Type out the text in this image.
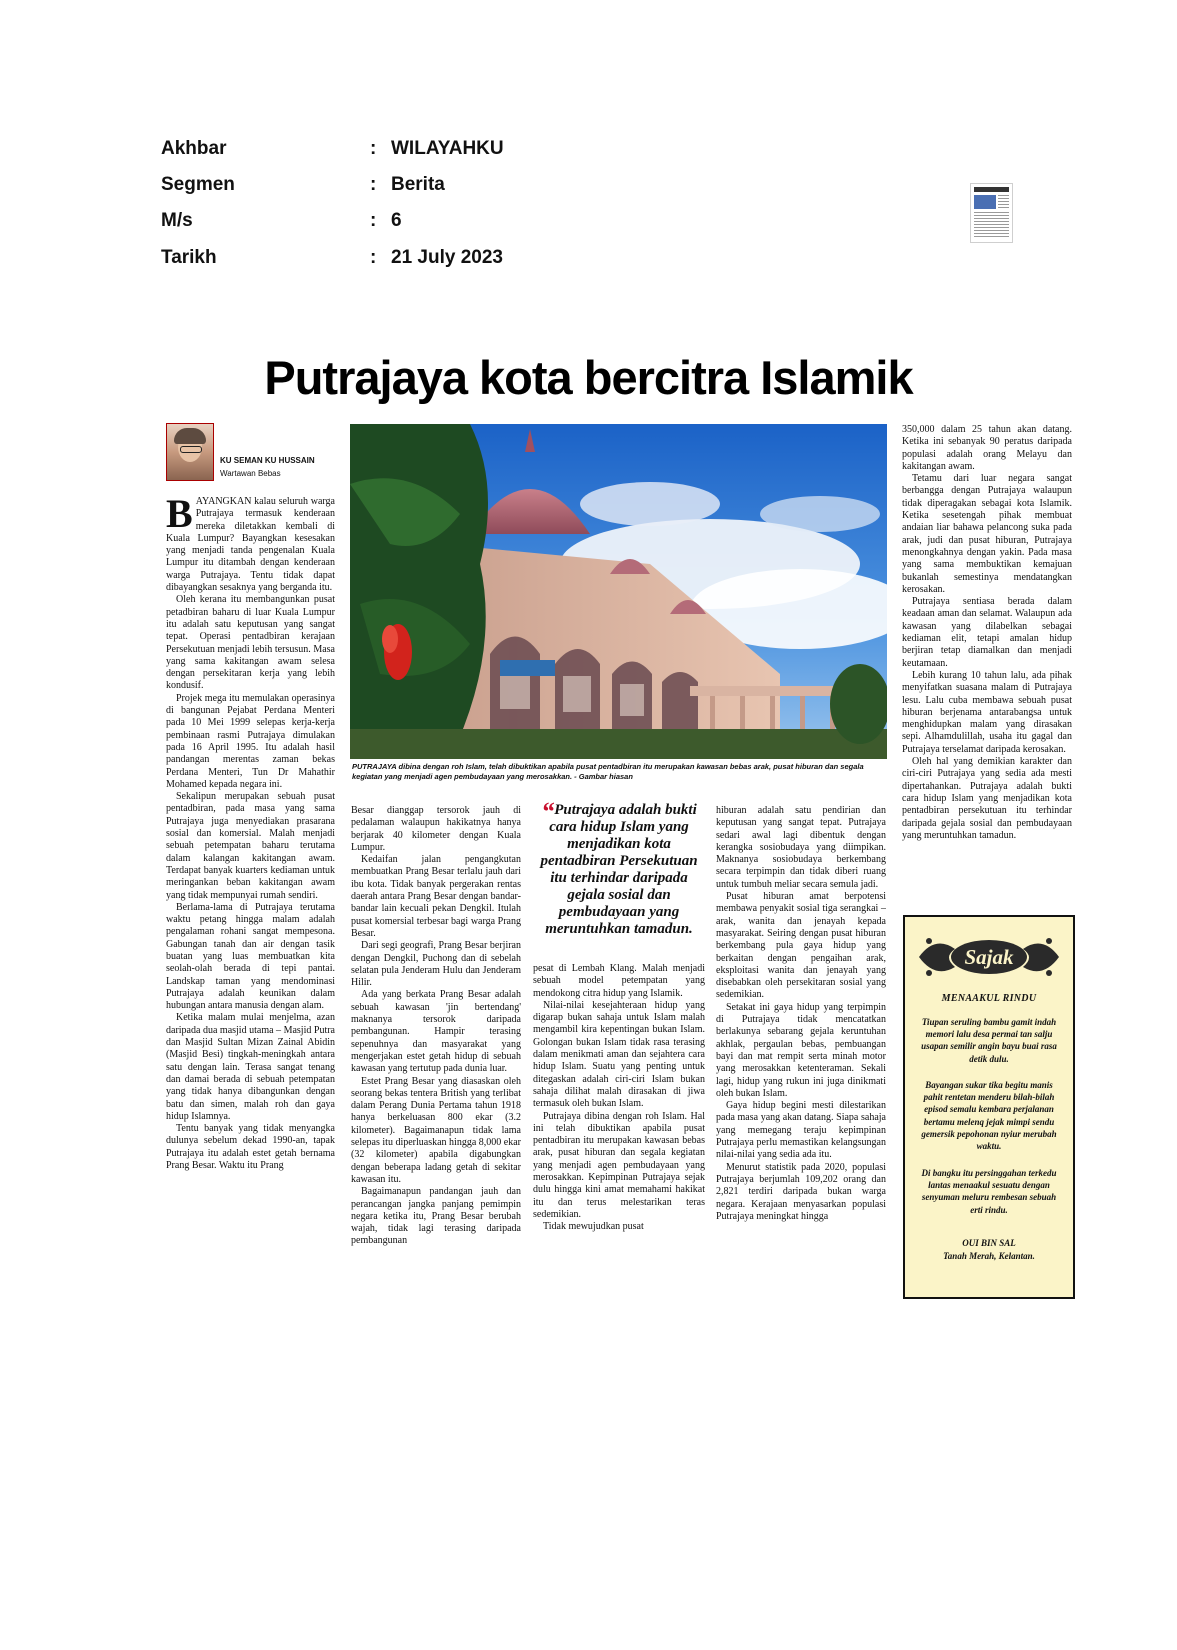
Akhbar	: WILAYAHKU
Segmen	: Berita
M/s	: 6
Tarikh	: 21 July 2023
Putrajaya kota bercitra Islamik
KU SEMAN KU HUSSAIN
Wartawan Bebas

BAYANGKAN kalau seluruh warga Putrajaya termasuk kenderaan mereka diletakkan kembali di Kuala Lumpur? Bayangkan kesesakan yang menjadi tanda pengenalan Kuala Lumpur itu ditambah dengan kenderaan warga Putrajaya. Tentu tidak dapat dibayangkan sesaknya yang berganda itu.

Oleh kerana itu membangunkan pusat petadbiran baharu di luar Kuala Lumpur itu adalah satu keputusan yang sangat tepat. Operasi pentadbiran kerajaan Persekutuan menjadi lebih tersusun. Masa yang sama kakitangan awam selesa dengan persekitaran kerja yang lebih kondusif.

Projek mega itu memulakan operasinya di bangunan Pejabat Perdana Menteri pada 10 Mei 1999 selepas kerja-kerja pembinaan rasmi Putrajaya dimulakan pada 16 April 1995. Itu adalah hasil pandangan merentas zaman bekas Perdana Menteri, Tun Dr Mahathir Mohamed kepada negara ini.

Sekalipun merupakan sebuah pusat pentadbiran, pada masa yang sama Putrajaya juga menyediakan prasarana sosial dan komersial. Malah menjadi sebuah petempatan baharu terutama dalam kalangan kakitangan awam. Terdapat banyak kuarters kediaman untuk meringankan beban kakitangan awam yang tidak mempunyai rumah sendiri.

Berlama-lama di Putrajaya terutama waktu petang hingga malam adalah pengalaman rohani sangat mempesona. Gabungan tanah dan air dengan tasik buatan yang luas membuatkan kita seolah-olah berada di tepi pantai. Landskap taman yang mendominasi Putrajaya adalah keunikan dalam hubungan antara manusia dengan alam.

Ketika malam mulai menjelma, azan daripada dua masjid utama – Masjid Putra dan Masjid Sultan Mizan Zainal Abidin (Masjid Besi) tingkah-meningkah antara satu dengan lain. Terasa sangat tenang dan damai berada di sebuah petempatan yang tidak hanya dibangunkan dengan batu dan simen, malah roh dan gaya hidup Islamnya.

Tentu banyak yang tidak menyangka dulunya sebelum dekad 1990-an, tapak Putrajaya itu adalah estet getah bernama Prang Besar. Waktu itu Prang

PUTRAJAYA dibina dengan roh Islam, telah dibuktikan apabila pusat pentadbiran itu merupakan kawasan bebas arak, pusat hiburan dan segala kegiatan yang menjadi agen pembudayaan yang merosakkan. - Gambar hiasan

Besar dianggap tersorok jauh di pedalaman walaupun hakikatnya hanya berjarak 40 kilometer dengan Kuala Lumpur.

Kedaifan jalan pengangkutan membuatkan Prang Besar terlalu jauh dari ibu kota. Tidak banyak pergerakan rentas daerah antara Prang Besar dengan bandar-bandar lain kecuali pekan Dengkil. Itulah pusat komersial terbesar bagi warga Prang Besar.

Dari segi geografi, Prang Besar berjiran dengan Dengkil, Puchong dan di sebelah selatan pula Jenderam Hulu dan Jenderam Hilir.

Ada yang berkata Prang Besar adalah sebuah kawasan 'jin bertendang' maknanya tersorok daripada pembangunan. Hampir terasing sepenuhnya dan masyarakat yang mengerjakan estet getah hidup di sebuah kawasan yang tertutup pada dunia luar.

Estet Prang Besar yang diasaskan oleh seorang bekas tentera British yang terlibat dalam Perang Dunia Pertama tahun 1918 hanya berkeluasan 800 ekar (3.2 kilometer). Bagaimanapun tidak lama selepas itu diperluaskan hingga 8,000 ekar (32 kilometer) apabila digabungkan dengan beberapa ladang getah di sekitar kawasan itu.

Bagaimanapun pandangan jauh dan perancangan jangka panjang pemimpin negara ketika itu, Prang Besar berubah wajah, tidak lagi terasing daripada pembangunan

“Putrajaya adalah bukti cara hidup Islam yang menjadikan kota pentadbiran Persekutuan itu terhindar daripada gejala sosial dan pembudayaan yang meruntuhkan tamadun.

pesat di Lembah Klang. Malah menjadi sebuah model petempatan yang mendokong citra hidup yang Islamik.

Nilai-nilai kesejahteraan hidup yang digarap bukan sahaja untuk Islam malah mengambil kira kepentingan bukan Islam. Golongan bukan Islam tidak rasa terasing dalam menikmati aman dan sejahtera cara hidup Islam. Suatu yang penting untuk ditegaskan adalah ciri-ciri Islam bukan sahaja dilihat malah dirasakan di jiwa termasuk oleh bukan Islam.

Putrajaya dibina dengan roh Islam. Hal ini telah dibuktikan apabila pusat pentadbiran itu merupakan kawasan bebas arak, pusat hiburan dan segala kegiatan yang menjadi agen pembudayaan yang merosakkan. Kepimpinan Putrajaya sejak dulu hingga kini amat memahami hakikat itu dan terus melestarikan teras sedemikian.

Tidak mewujudkan pusat

hiburan adalah satu pendirian dan keputusan yang sangat tepat. Putrajaya sedari awal lagi dibentuk dengan kerangka sosiobudaya yang diimpikan. Maknanya sosiobudaya berkembang secara terpimpin dan tidak diberi ruang untuk tumbuh meliar secara semula jadi.

Pusat hiburan amat berpotensi membawa penyakit sosial tiga serangkai – arak, wanita dan jenayah kepada masyarakat. Seiring dengan pusat hiburan berkembang pula gaya hidup yang berkaitan dengan pengaihan arak, eksploitasi wanita dan jenayah yang disebabkan oleh persekitaran sosial yang sedemikian.

Setakat ini gaya hidup yang terpimpin di Putrajaya tidak mencatatkan berlakunya sebarang gejala keruntuhan akhlak, pergaulan bebas, pembuangan bayi dan mat rempit serta minah motor yang merosakkan ketenteraman. Sekali lagi, hidup yang rukun ini juga dinikmati oleh bukan Islam.

Gaya hidup begini mesti dilestarikan pada masa yang akan datang. Siapa sahaja yang memegang teraju kepimpinan Putrajaya perlu memastikan kelangsungan nilai-nilai yang sedia ada itu.

Menurut statistik pada 2020, populasi Putrajaya berjumlah 109,202 orang dan 2,821 terdiri daripada bukan warga negara. Kerajaan menyasarkan populasi Putrajaya meningkat hingga

350,000 dalam 25 tahun akan datang. Ketika ini sebanyak 90 peratus daripada populasi adalah orang Melayu dan kakitangan awam.

Tetamu dari luar negara sangat berbangga dengan Putrajaya walaupun tidak diperagakan sebagai kota Islamik. Ketika sesetengah pihak membuat andaian liar bahawa pelancong suka pada arak, judi dan pusat hiburan, Putrajaya menongkahnya dengan yakin. Pada masa yang sama membuktikan kemajuan bukanlah semestinya mendatangkan kerosakan.

Putrajaya sentiasa berada dalam keadaan aman dan selamat. Walaupun ada kawasan yang dilabelkan sebagai kediaman elit, tetapi amalan hidup berjiran tetap diamalkan dan menjadi keutamaan.

Lebih kurang 10 tahun lalu, ada pihak menyifatkan suasana malam di Putrajaya lesu. Lalu cuba membawa sebuah pusat hiburan berjenama antarabangsa untuk menghidupkan malam yang dirasakan sepi. Alhamdulillah, usaha itu gagal dan Putrajaya terselamat daripada kerosakan.

Oleh hal yang demikian karakter dan ciri-ciri Putrajaya yang sedia ada mesti dipertahankan. Putrajaya adalah bukti cara hidup Islam yang menjadikan kota pentadbiran persekutuan itu terhindar daripada gejala sosial dan pembudayaan yang meruntuhkan tamadun.

Sajak
MENAAKUL RINDU
Tiupan seruling bambu gamit indah memori lalu desa permai tan salju usapan semilir angin bayu buai rasa detik dulu.
Bayangan sukar tika begitu manis pahit rentetan menderu bilah-bilah episod semalu kembara perjalanan bertamu melenq jejak mimpi sendu gemersik pepohonan nyiur merubah waktu.
Di bangku itu persinggahan terkedu lantas menaakul sesuatu dengan senyuman meluru rembesan sebuah erti rindu.
OUI BIN SAL
Tanah Merah, Kelantan.
